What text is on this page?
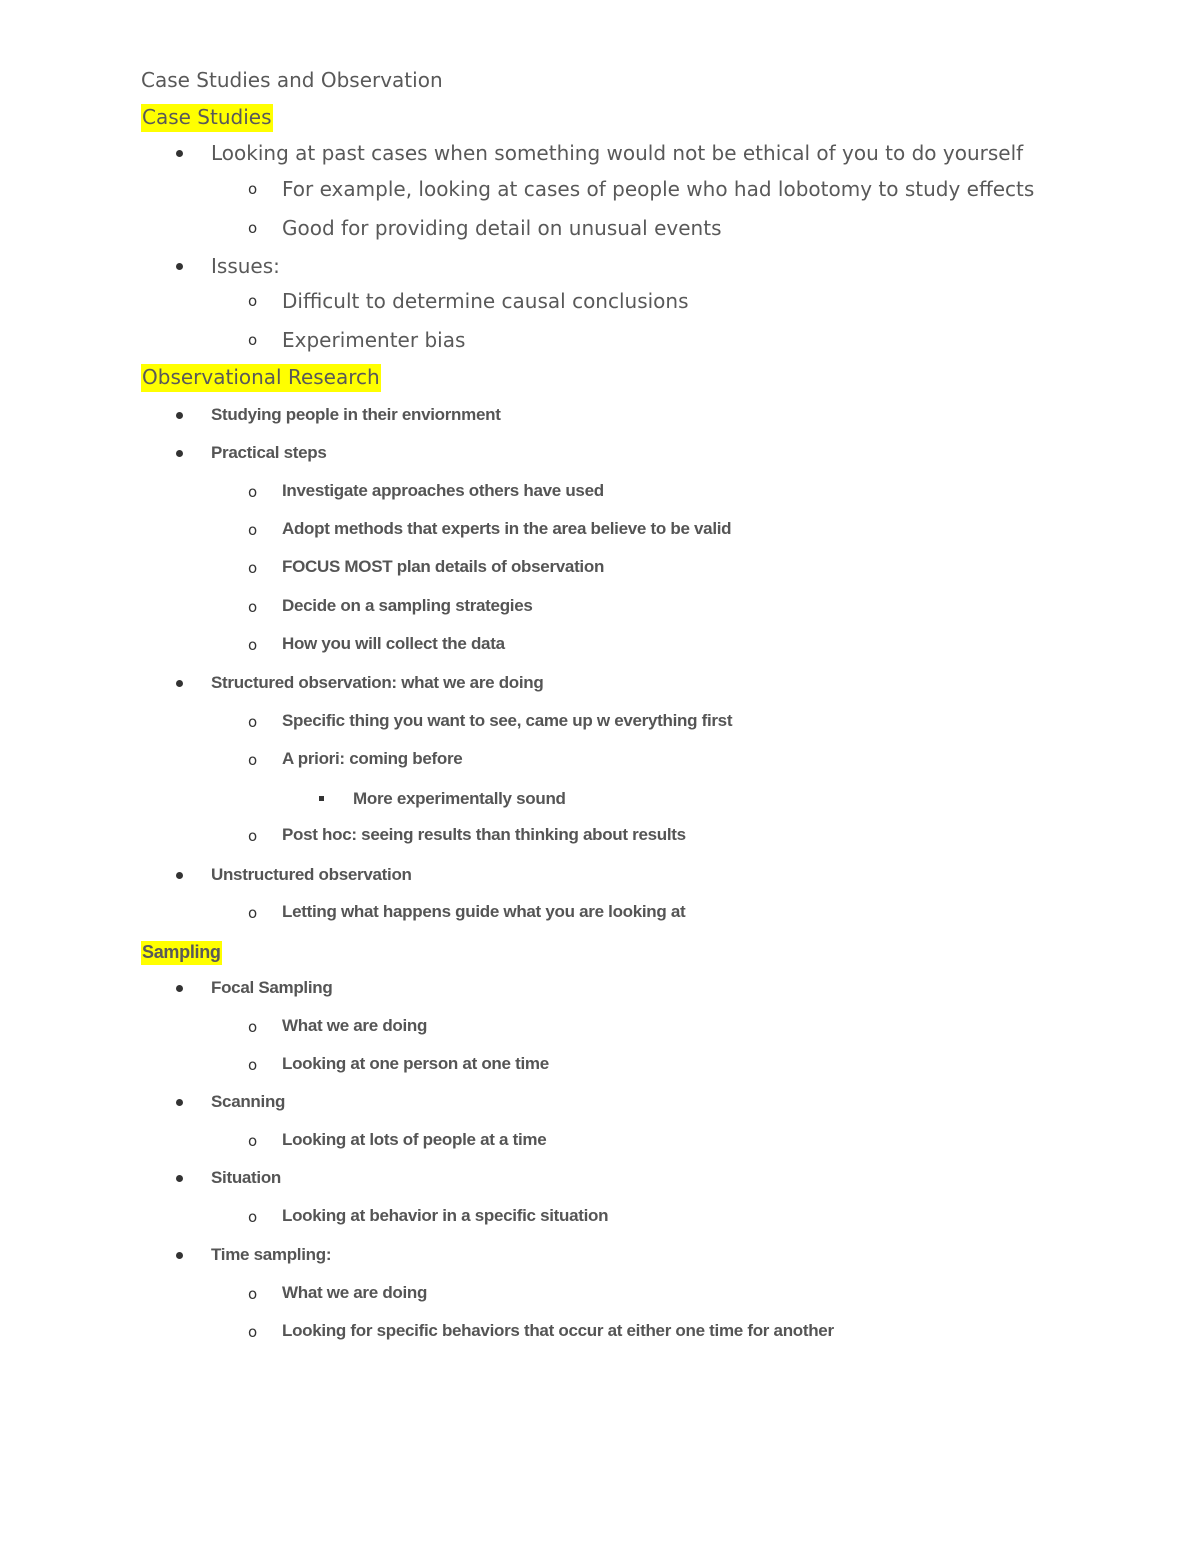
Case Studies and Observation
Case Studies
Looking at past cases when something would not be ethical of you to do yourself
o For example, looking at cases of people who had lobotomy to study effects
o Good for providing detail on unusual events
Issues:
o Difficult to determine causal conclusions
o Experimenter bias
Observational Research
Studying people in their enviornment
Practical steps
o Investigate approaches others have used
o Adopt methods that experts in the area believe to be valid
o FOCUS MOST plan details of observation
o Decide on a sampling strategies
o How you will collect the data
Structured observation: what we are doing
o Specific thing you want to see, came up w everything first
o A priori: coming before
More experimentally sound
o Post hoc: seeing results than thinking about results
Unstructured observation
o Letting what happens guide what you are looking at
Sampling
Focal Sampling
o What we are doing
o Looking at one person at one time
Scanning
o Looking at lots of people at a time
Situation
o Looking at behavior in a specific situation
Time sampling:
o What we are doing
o Looking for specific behaviors that occur at either one time for another
